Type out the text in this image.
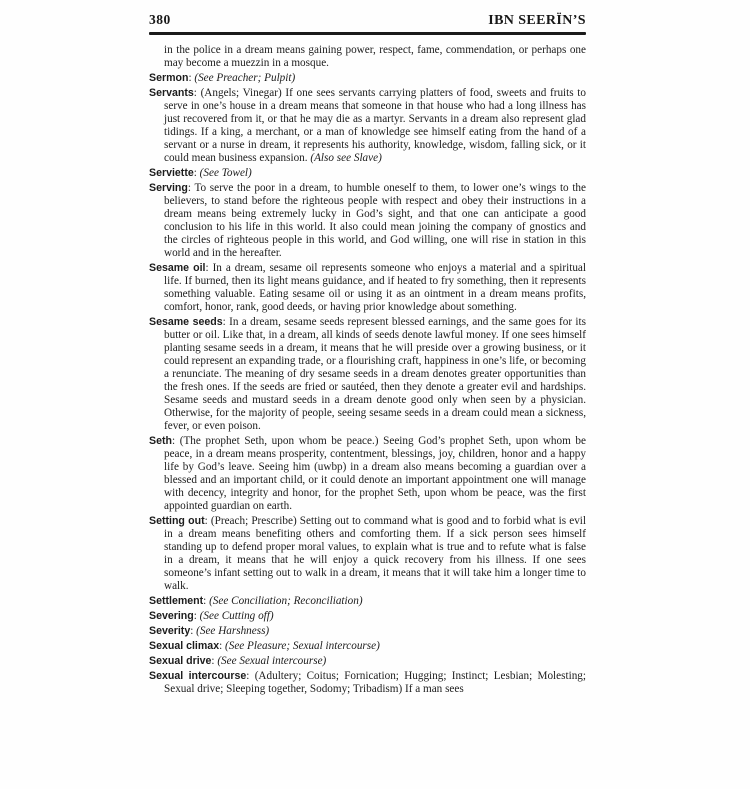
380	IBN SEERÏN’S

in the police in a dream means gaining power, respect, fame, commendation, or perhaps one may become a muezzin in a mosque.

Sermon: (See Preacher; Pulpit)

Servants: (Angels; Vinegar) If one sees servants carrying platters of food, sweets and fruits to serve in one’s house in a dream means that someone in that house who had a long illness has just recovered from it, or that he may die as a martyr. Servants in a dream also represent glad tidings. If a king, a merchant, or a man of knowledge see himself eating from the hand of a servant or a nurse in dream, it represents his authority, knowledge, wisdom, falling sick, or it could mean business expansion. (Also see Slave)

Serviette: (See Towel)

Serving: To serve the poor in a dream, to humble oneself to them, to lower one’s wings to the believers, to stand before the righteous people with respect and obey their instructions in a dream means being extremely lucky in God’s sight, and that one can anticipate a good conclusion to his life in this world. It also could mean joining the company of gnostics and the circles of righteous people in this world, and God willing, one will rise in station in this world and in the hereafter.

Sesame oil: In a dream, sesame oil represents someone who enjoys a material and a spiritual life. If burned, then its light means guidance, and if heated to fry something, then it represents something valuable. Eating sesame oil or using it as an ointment in a dream means profits, comfort, honor, rank, good deeds, or having prior knowledge about something.

Sesame seeds: In a dream, sesame seeds represent blessed earnings, and the same goes for its butter or oil. Like that, in a dream, all kinds of seeds denote lawful money. If one sees himself planting sesame seeds in a dream, it means that he will preside over a growing business, or it could represent an expanding trade, or a flourishing craft, happiness in one’s life, or becoming a renunciate. The meaning of dry sesame seeds in a dream denotes greater opportunities than the fresh ones. If the seeds are fried or sautéed, then they denote a greater evil and hardships. Sesame seeds and mustard seeds in a dream denote good only when seen by a physician. Otherwise, for the majority of people, seeing sesame seeds in a dream could mean a sickness, fever, or even poison.

Seth: (The prophet Seth, upon whom be peace.) Seeing God’s prophet Seth, upon whom be peace, in a dream means prosperity, contentment, blessings, joy, children, honor and a happy life by God’s leave. Seeing him (uwbp) in a dream also means becoming a guardian over a blessed and an important child, or it could denote an important appointment one will manage with decency, integrity and honor, for the prophet Seth, upon whom be peace, was the first appointed guardian on earth.

Setting out: (Preach; Prescribe) Setting out to command what is good and to forbid what is evil in a dream means benefiting others and comforting them. If a sick person sees himself standing up to defend proper moral values, to explain what is true and to refute what is false in a dream, it means that he will enjoy a quick recovery from his illness. If one sees someone’s infant setting out to walk in a dream, it means that it will take him a longer time to walk.

Settlement: (See Conciliation; Reconciliation)

Severing: (See Cutting off)

Severity: (See Harshness)

Sexual climax: (See Pleasure; Sexual intercourse)

Sexual drive: (See Sexual intercourse)

Sexual intercourse: (Adultery; Coitus; Fornication; Hugging; Instinct; Lesbian; Molesting; Sexual drive; Sleeping together, Sodomy; Tribadism) If a man sees
